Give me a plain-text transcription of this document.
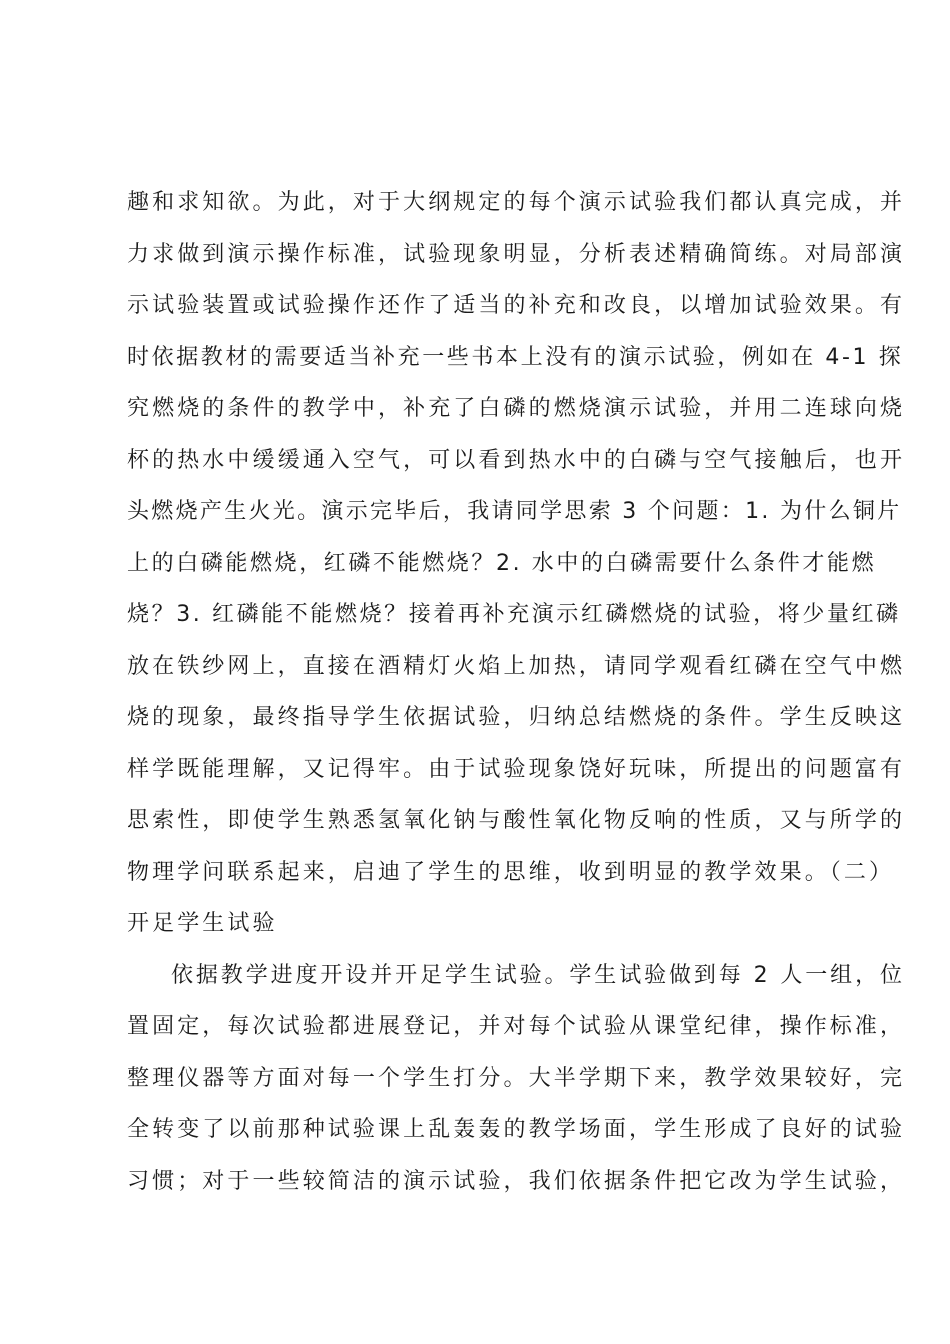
趣和求知欲。为此，对于大纲规定的每个演示试验我们都认真完成，并
力求做到演示操作标准，试验现象明显，分析表述精确简练。对局部演
示试验装置或试验操作还作了适当的补充和改良，以增加试验效果。有
时依据教材的需要适当补充一些书本上没有的演示试验，例如在 4-1 探
究燃烧的条件的教学中，补充了白磷的燃烧演示试验，并用二连球向烧
杯的热水中缓缓通入空气，可以看到热水中的白磷与空气接触后，也开
头燃烧产生火光。演示完毕后，我请同学思索 3 个问题：1. 为什么铜片
上的白磷能燃烧，红磷不能燃烧？2. 水中的白磷需要什么条件才能燃
烧？3. 红磷能不能燃烧？接着再补充演示红磷燃烧的试验，将少量红磷
放在铁纱网上，直接在酒精灯火焰上加热，请同学观看红磷在空气中燃
烧的现象，最终指导学生依据试验，归纳总结燃烧的条件。学生反映这
样学既能理解，又记得牢。由于试验现象饶好玩味，所提出的问题富有
思索性，即使学生熟悉氢氧化钠与酸性氧化物反响的性质，又与所学的
物理学问联系起来，启迪了学生的思维，收到明显的教学效果。（二）
开足学生试验
依据教学进度开设并开足学生试验。学生试验做到每 2 人一组，位
置固定，每次试验都进展登记，并对每个试验从课堂纪律，操作标准，
整理仪器等方面对每一个学生打分。大半学期下来，教学效果较好，完
全转变了以前那种试验课上乱轰轰的教学场面，学生形成了良好的试验
习惯；对于一些较简洁的演示试验，我们依据条件把它改为学生试验，
